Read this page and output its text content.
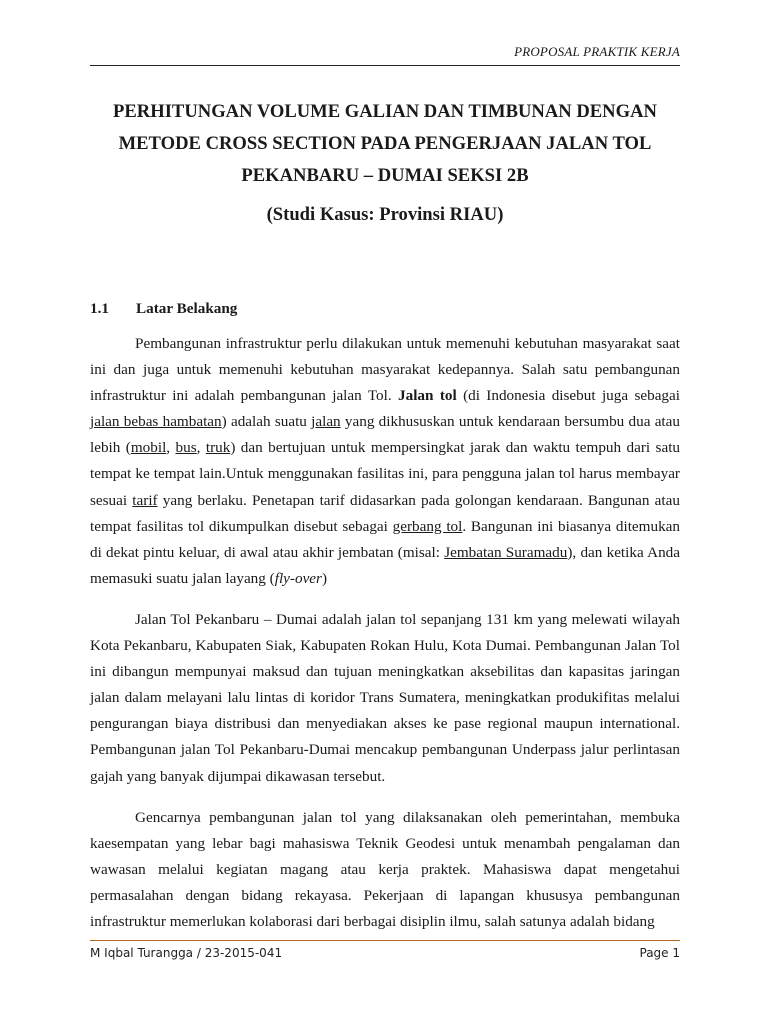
PROPOSAL PRAKTIK KERJA
PERHITUNGAN VOLUME GALIAN DAN TIMBUNAN DENGAN
METODE CROSS SECTION PADA PENGERJAAN JALAN TOL
PEKANBARU – DUMAI SEKSI 2B
(Studi Kasus: Provinsi RIAU)
1.1 Latar Belakang

Pembangunan infrastruktur perlu dilakukan untuk memenuhi kebutuhan masyarakat saat ini dan juga untuk memenuhi kebutuhan masyarakat kedepannya. Salah satu pembangunan infrastruktur ini adalah pembangunan jalan Tol. Jalan tol (di Indonesia disebut juga sebagai jalan bebas hambatan) adalah suatu jalan yang dikhususkan untuk kendaraan bersumbu dua atau lebih (mobil, bus, truk) dan bertujuan untuk mempersingkat jarak dan waktu tempuh dari satu tempat ke tempat lain.Untuk menggunakan fasilitas ini, para pengguna jalan tol harus membayar sesuai tarif yang berlaku. Penetapan tarif didasarkan pada golongan kendaraan. Bangunan atau tempat fasilitas tol dikumpulkan disebut sebagai gerbang tol. Bangunan ini biasanya ditemukan di dekat pintu keluar, di awal atau akhir jembatan (misal: Jembatan Suramadu), dan ketika Anda memasuki suatu jalan layang (fly-over)

Jalan Tol Pekanbaru – Dumai adalah jalan tol sepanjang 131 km yang melewati wilayah Kota Pekanbaru, Kabupaten Siak, Kabupaten Rokan Hulu, Kota Dumai. Pembangunan Jalan Tol ini dibangun mempunyai maksud dan tujuan meningkatkan aksebilitas dan kapasitas jaringan jalan dalam melayani lalu lintas di koridor Trans Sumatera, meningkatkan produkifitas melalui pengurangan biaya distribusi dan menyediakan akses ke pase regional maupun international. Pembangunan jalan Tol Pekanbaru-Dumai mencakup pembangunan Underpass jalur perlintasan gajah yang banyak dijumpai dikawasan tersebut.

Gencarnya pembangunan jalan tol yang dilaksanakan oleh pemerintahan, membuka kaesempatan yang lebar bagi mahasiswa Teknik Geodesi untuk menambah pengalaman dan wawasan melalui kegiatan magang atau kerja praktek. Mahasiswa dapat mengetahui permasalahan dengan bidang rekayasa. Pekerjaan di lapangan khususya pembangunan infrastruktur memerlukan kolaborasi dari berbagai disiplin ilmu, salah satunya adalah bidang

M Iqbal Turangga / 23-2015-041	Page 1
